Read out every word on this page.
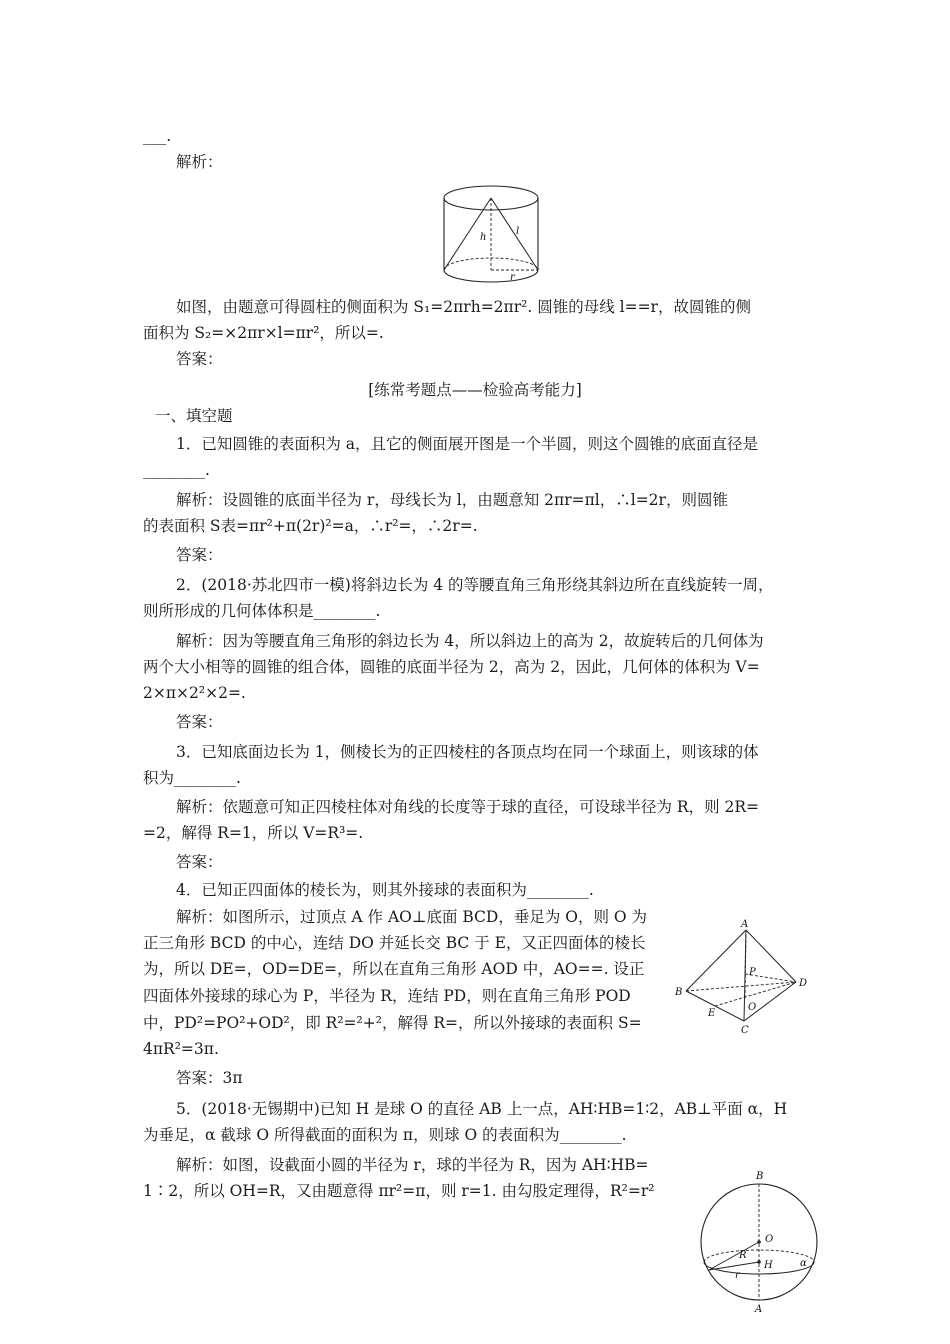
___.
解析：
h
l
r
如图，由题意可得圆柱的侧面积为 S₁=2πrh=2πr². 圆锥的母线 l==r，故圆锥的侧
面积为 S₂=×2πr×l=πr²，所以=.
答案：
[练常考题点——检验高考能力]
一、填空题
1．已知圆锥的表面积为 a，且它的侧面展开图是一个半圆，则这个圆锥的底面直径是
________.
解析：设圆锥的底面半径为 r，母线长为 l，由题意知 2πr=πl，∴l=2r，则圆锥
的表面积 S表=πr²+π(2r)²=a，∴r²=，∴2r=.
答案：
2．(2018·苏北四市一模)将斜边长为 4 的等腰直角三角形绕其斜边所在直线旋转一周，
则所形成的几何体体积是________.
解析：因为等腰直角三角形的斜边长为 4，所以斜边上的高为 2，故旋转后的几何体为
两个大小相等的圆锥的组合体，圆锥的底面半径为 2，高为 2，因此，几何体的体积为 V=
2×π×2²×2=.
答案：
3．已知底面边长为 1，侧棱长为的正四棱柱的各顶点均在同一个球面上，则该球的体
积为________.
解析：依题意可知正四棱柱体对角线的长度等于球的直径，可设球半径为 R，则 2R=
=2，解得 R=1，所以 V=R³=.
答案：
4．已知正四面体的棱长为，则其外接球的表面积为________.
解析：如图所示，过顶点 A 作 AO⊥底面 BCD，垂足为 O，则 O 为
正三角形 BCD 的中心，连结 DO 并延长交 BC 于 E，又正四面体的棱长
为，所以 DE=，OD=DE=，所以在直角三角形 AOD 中，AO==. 设正
四面体外接球的球心为 P，半径为 R，连结 PD，则在直角三角形 POD
中，PD²=PO²+OD²，即 R²=²+²，解得 R=，所以外接球的表面积 S=
4πR²=3π.
答案：3π
A
B
C
D
E
O
P
5．(2018·无锡期中)已知 H 是球 O 的直径 AB 上一点，AH∶HB=1∶2，AB⊥平面 α，H
为垂足，α 截球 O 所得截面的面积为 π，则球 O 的表面积为________.
解析：如图，设截面小圆的半径为 r，球的半径为 R，因为 AH∶HB=
1∶2，所以 OH=R，又由题意得 πr²=π，则 r=1. 由勾股定理得，R²=r²
B
O
R
H
r
α
A
